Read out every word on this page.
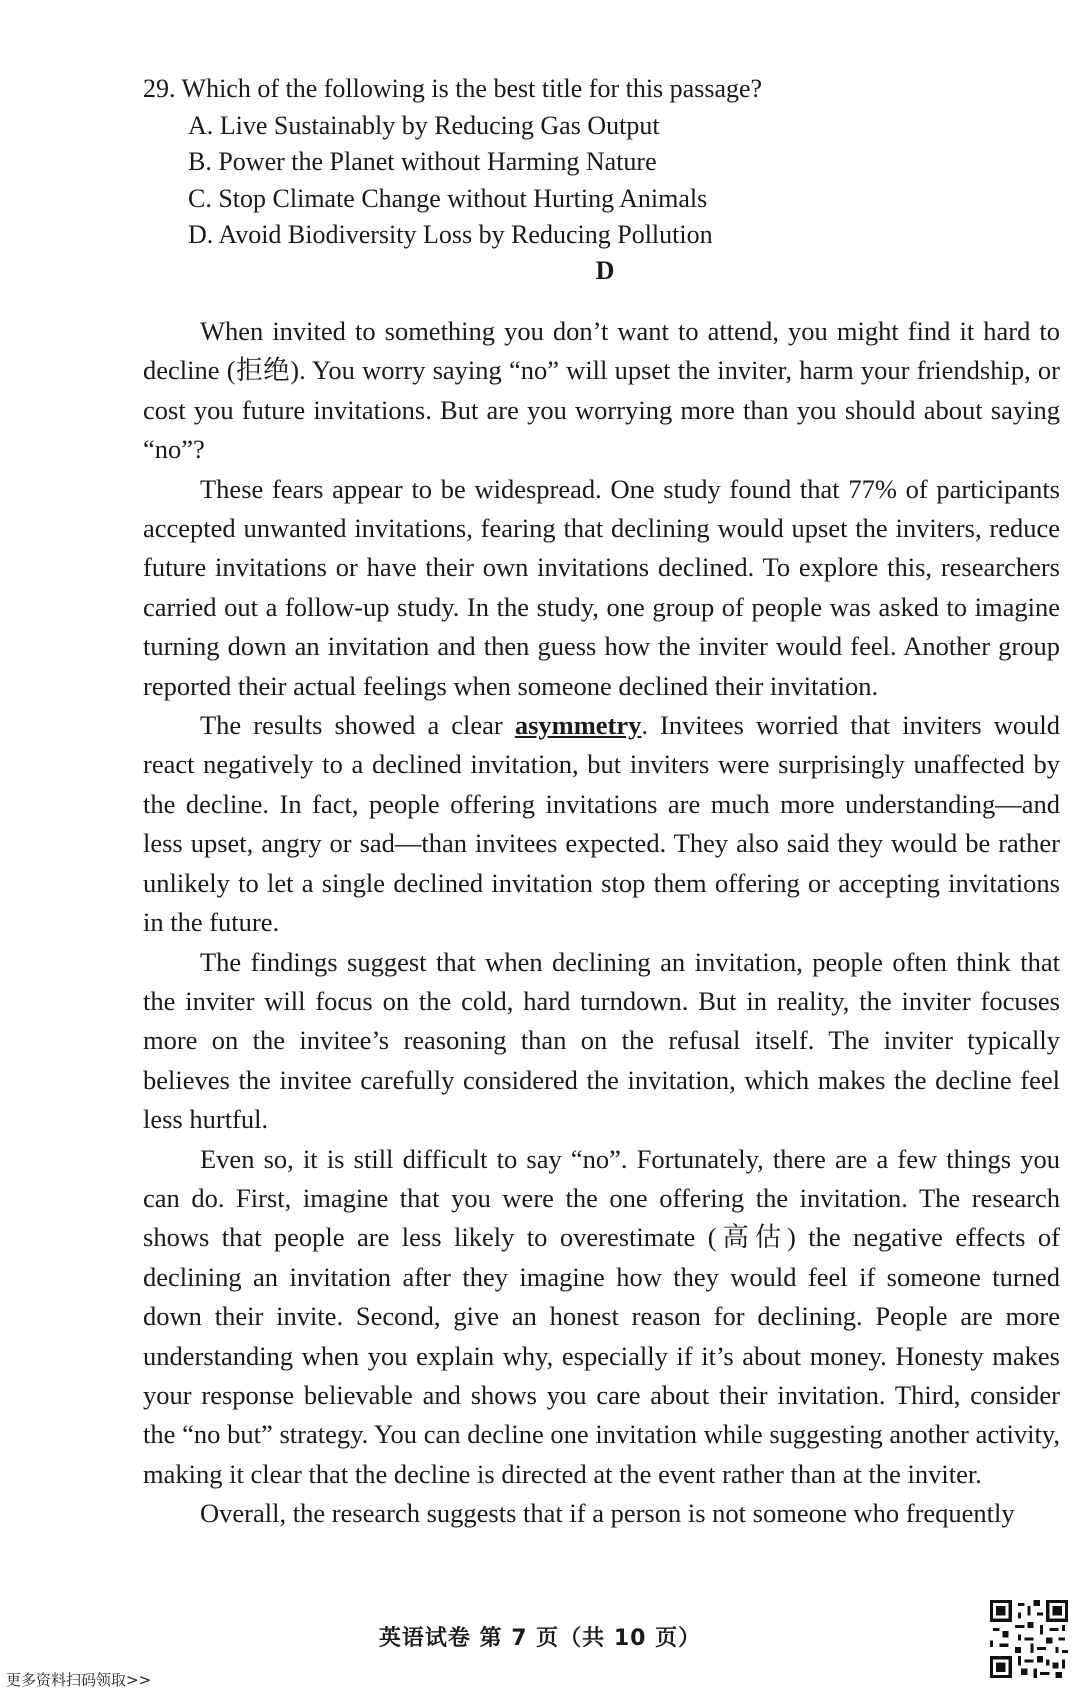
29. Which of the following is the best title for this passage?
A. Live Sustainably by Reducing Gas Output
B. Power the Planet without Harming Nature
C. Stop Climate Change without Hurting Animals
D. Avoid Biodiversity Loss by Reducing Pollution
D

When invited to something you don’t want to attend, you might find it hard to decline (拒绝). You worry saying “no” will upset the inviter, harm your friendship, or cost you future invitations. But are you worrying more than you should about saying “no”?

These fears appear to be widespread. One study found that 77% of participants accepted unwanted invitations, fearing that declining would upset the inviters, reduce future invitations or have their own invitations declined. To explore this, researchers carried out a follow-up study. In the study, one group of people was asked to imagine turning down an invitation and then guess how the inviter would feel. Another group reported their actual feelings when someone declined their invitation.

The results showed a clear asymmetry. Invitees worried that inviters would react negatively to a declined invitation, but inviters were surprisingly unaffected by the decline. In fact, people offering invitations are much more understanding—and less upset, angry or sad—than invitees expected. They also said they would be rather unlikely to let a single declined invitation stop them offering or accepting invitations in the future.

The findings suggest that when declining an invitation, people often think that the inviter will focus on the cold, hard turndown. But in reality, the inviter focuses more on the invitee’s reasoning than on the refusal itself. The inviter typically believes the invitee carefully considered the invitation, which makes the decline feel less hurtful.

Even so, it is still difficult to say “no”. Fortunately, there are a few things you can do. First, imagine that you were the one offering the invitation. The research shows that people are less likely to overestimate (高估) the negative effects of declining an invitation after they imagine how they would feel if someone turned down their invite. Second, give an honest reason for declining. People are more understanding when you explain why, especially if it’s about money. Honesty makes your response believable and shows you care about their invitation. Third, consider the “no but” strategy. You can decline one invitation while suggesting another activity, making it clear that the decline is directed at the event rather than at the inviter.

Overall, the research suggests that if a person is not someone who frequently

英语试卷 第 7 页（共 10 页）
更多资料扫码领取>>
